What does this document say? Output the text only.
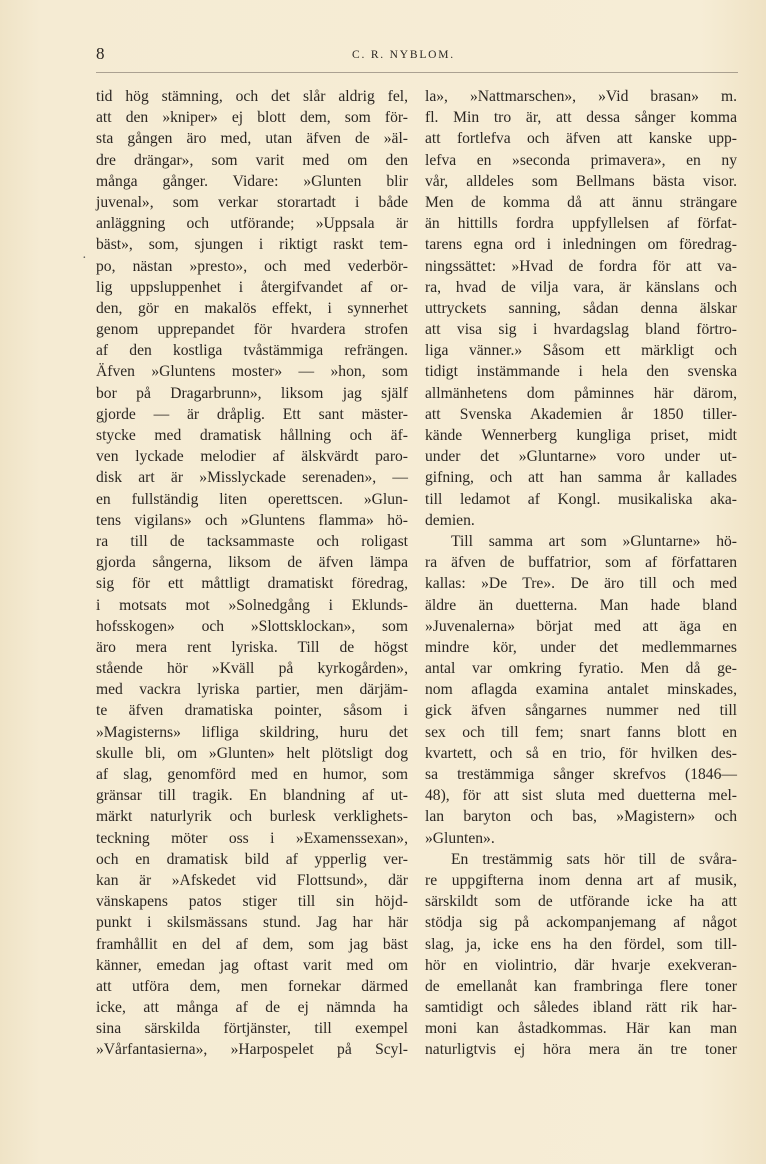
8	C. R. NYBLOM.
·
tid hög stämning, och det slår aldrig fel,
att den »kniper» ej blott dem, som för-
sta gången äro med, utan äfven de »äl-
dre drängar», som varit med om den
många gånger. Vidare: »Glunten blir
juvenal», som verkar storartadt i både
anläggning och utförande; »Uppsala är
bäst», som, sjungen i riktigt raskt tem-
po, nästan »presto», och med vederbör-
lig uppsluppenhet i återgifvandet af or-
den, gör en makalös effekt, i synnerhet
genom upprepandet för hvardera strofen
af den kostliga tvåstämmiga refrängen.
Äfven »Gluntens moster» — »hon, som
bor på Dragarbrunn», liksom jag själf
gjorde — är dråplig. Ett sant mäster-
stycke med dramatisk hållning och äf-
ven lyckade melodier af älskvärdt paro-
disk art är »Misslyckade serenaden», —
en fullständig liten operettscen. »Glun-
tens vigilans» och »Gluntens flamma» hö-
ra till de tacksammaste och roligast
gjorda sångerna, liksom de äfven lämpa
sig för ett måttligt dramatiskt föredrag,
i motsats mot »Solnedgång i Eklunds-
hofsskogen» och »Slottsklockan», som
äro mera rent lyriska. Till de högst
stående hör »Kväll på kyrkogården»,
med vackra lyriska partier, men därjäm-
te äfven dramatiska pointer, såsom i
»Magisterns» lifliga skildring, huru det
skulle bli, om »Glunten» helt plötsligt dog
af slag, genomförd med en humor, som
gränsar till tragik. En blandning af ut-
märkt naturlyrik och burlesk verklighets-
teckning möter oss i »Examenssexan»,
och en dramatisk bild af ypperlig ver-
kan är »Afskedet vid Flottsund», där
vänskapens patos stiger till sin höjd-
punkt i skilsmässans stund. Jag har här
framhållit en del af dem, som jag bäst
känner, emedan jag oftast varit med om
att utföra dem, men fornekar därmed
icke, att många af de ej nämnda ha
sina särskilda förtjänster, till exempel
»Vårfantasierna», »Harpospelet på Scyl-
la», »Nattmarschen», »Vid brasan» m.
fl. Min tro är, att dessa sånger komma
att fortlefva och äfven att kanske upp-
lefva en »seconda primavera», en ny
vår, alldeles som Bellmans bästa visor.
Men de komma då att ännu strängare
än hittills fordra uppfyllelsen af förfat-
tarens egna ord i inledningen om föredrag-
ningssättet: »Hvad de fordra för att va-
ra, hvad de vilja vara, är känslans och
uttryckets sanning, sådan denna älskar
att visa sig i hvardagslag bland förtro-
liga vänner.» Såsom ett märkligt och
tidigt instämmande i hela den svenska
allmänhetens dom påminnes här därom,
att Svenska Akademien år 1850 tiller-
kände Wennerberg kungliga priset, midt
under det »Gluntarne» voro under ut-
gifning, och att han samma år kallades
till ledamot af Kongl. musikaliska aka-
demien.
Till samma art som »Gluntarne» hö-
ra äfven de buffatrior, som af författaren
kallas: »De Tre». De äro till och med
äldre än duetterna. Man hade bland
»Juvenalerna» börjat med att äga en
mindre kör, under det medlemmarnes
antal var omkring fyratio. Men då ge-
nom aflagda examina antalet minskades,
gick äfven sångarnes nummer ned till
sex och till fem; snart fanns blott en
kvartett, och så en trio, för hvilken des-
sa trestämmiga sånger skrefvos (1846—
48), för att sist sluta med duetterna mel-
lan baryton och bas, »Magistern» och
»Glunten».
En trestämmig sats hör till de svåra-
re uppgifterna inom denna art af musik,
särskildt som de utförande icke ha att
stödja sig på ackompanjemang af något
slag, ja, icke ens ha den fördel, som till-
hör en violintrio, där hvarje exekveran-
de emellanåt kan frambringa flere toner
samtidigt och således ibland rätt rik har-
moni kan åstadkommas. Här kan man
naturligtvis ej höra mera än tre toner
